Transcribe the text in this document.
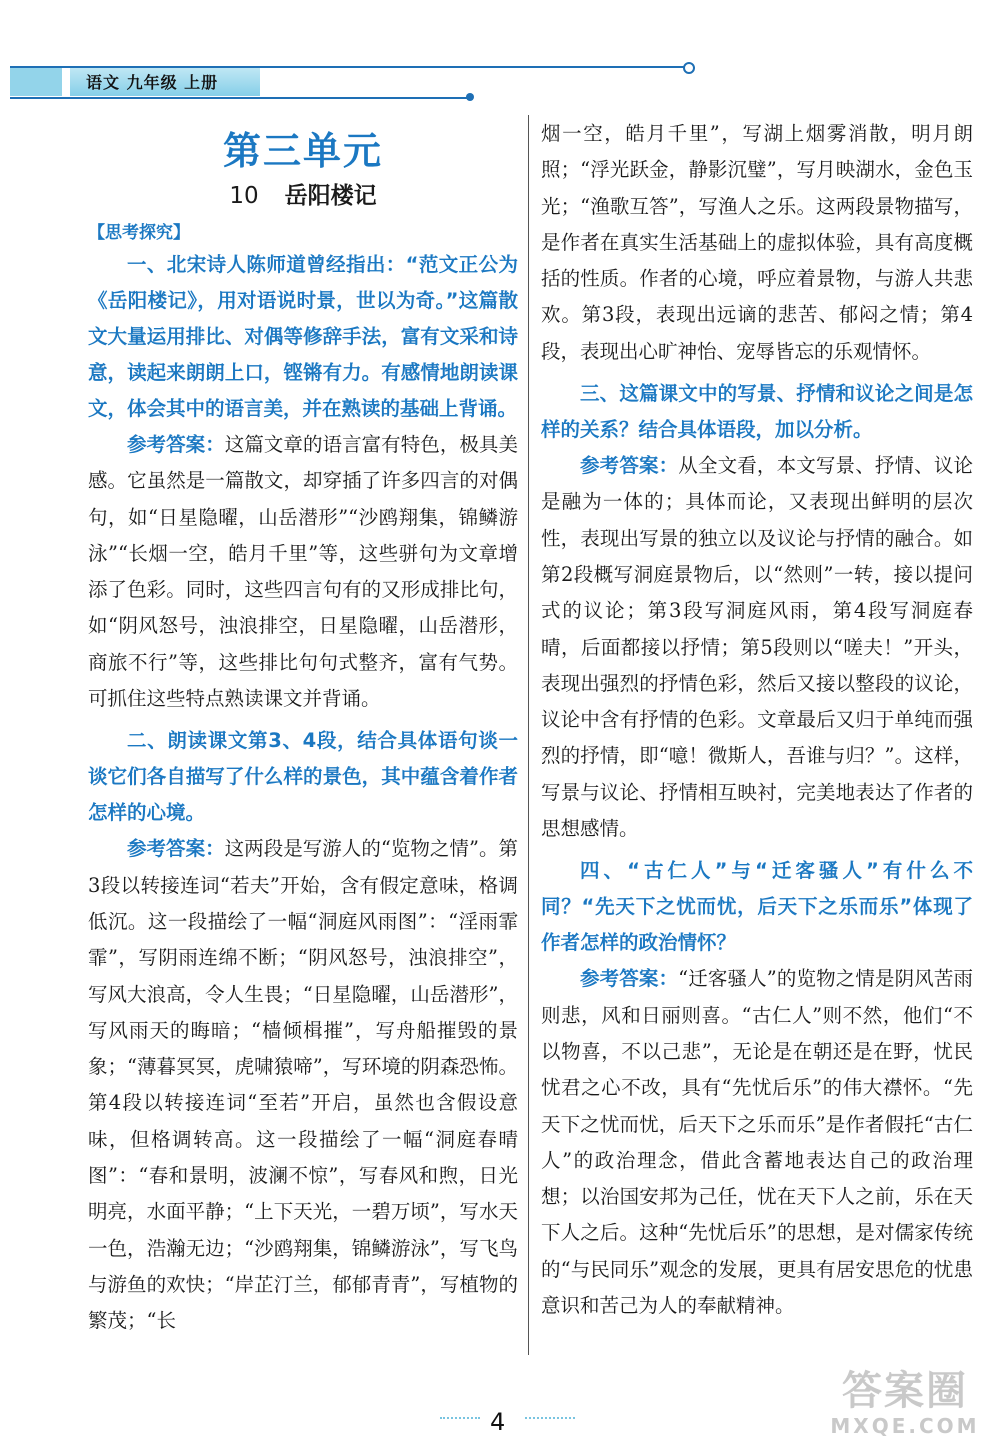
语文 九年级 上册
第三单元
10 岳阳楼记
【思考探究】

一、北宋诗人陈师道曾经指出：“范文正公为《岳阳楼记》，用对语说时景，世以为奇。”这篇散文大量运用排比、对偶等修辞手法，富有文采和诗意，读起来朗朗上口，铿锵有力。有感情地朗读课文，体会其中的语言美，并在熟读的基础上背诵。

参考答案：这篇文章的语言富有特色，极具美感。它虽然是一篇散文，却穿插了许多四言的对偶句，如“日星隐曜，山岳潜形”“沙鸥翔集，锦鳞游泳”“长烟一空，皓月千里”等，这些骈句为文章增添了色彩。同时，这些四言句有的又形成排比句，如“阴风怒号，浊浪排空，日星隐曜，山岳潜形，商旅不行”等，这些排比句句式整齐，富有气势。可抓住这些特点熟读课文并背诵。

二、朗读课文第3、4段，结合具体语句谈一谈它们各自描写了什么样的景色，其中蕴含着作者怎样的心境。

参考答案：这两段是写游人的“览物之情”。第3段以转接连词“若夫”开始，含有假定意味，格调低沉。这一段描绘了一幅“洞庭风雨图”：“淫雨霏霏”，写阴雨连绵不断；“阴风怒号，浊浪排空”，写风大浪高，令人生畏；“日星隐曜，山岳潜形”，写风雨天的晦暗；“樯倾楫摧”，写舟船摧毁的景象；“薄暮冥冥，虎啸猿啼”，写环境的阴森恐怖。第4段以转接连词“至若”开启，虽然也含假设意味，但格调转高。这一段描绘了一幅“洞庭春晴图”：“春和景明，波澜不惊”，写春风和煦，日光明亮，水面平静；“上下天光，一碧万顷”，写水天一色，浩瀚无边；“沙鸥翔集，锦鳞游泳”，写飞鸟与游鱼的欢快；“岸芷汀兰，郁郁青青”，写植物的繁茂；“长

烟一空，皓月千里”，写湖上烟雾消散，明月朗照；“浮光跃金，静影沉璧”，写月映湖水，金色玉光；“渔歌互答”，写渔人之乐。这两段景物描写，是作者在真实生活基础上的虚拟体验，具有高度概括的性质。作者的心境，呼应着景物，与游人共悲欢。第3段，表现出远谪的悲苦、郁闷之情；第4段，表现出心旷神怡、宠辱皆忘的乐观情怀。

三、这篇课文中的写景、抒情和议论之间是怎样的关系？结合具体语段，加以分析。

参考答案：从全文看，本文写景、抒情、议论是融为一体的；具体而论，又表现出鲜明的层次性，表现出写景的独立以及议论与抒情的融合。如第2段概写洞庭景物后，以“然则”一转，接以提问式的议论；第3段写洞庭风雨，第4段写洞庭春晴，后面都接以抒情；第5段则以“嗟夫！”开头，表现出强烈的抒情色彩，然后又接以整段的议论，议论中含有抒情的色彩。文章最后又归于单纯而强烈的抒情，即“噫！微斯人，吾谁与归？”。这样，写景与议论、抒情相互映衬，完美地表达了作者的思想感情。

四、“古仁人”与“迁客骚人”有什么不同？“先天下之忧而忧，后天下之乐而乐”体现了作者怎样的政治情怀？

参考答案：“迁客骚人”的览物之情是阴风苦雨则悲，风和日丽则喜。“古仁人”则不然，他们“不以物喜，不以己悲”，无论是在朝还是在野，忧民忧君之心不改，具有“先忧后乐”的伟大襟怀。“先天下之忧而忧，后天下之乐而乐”是作者假托“古仁人”的政治理念，借此含蓄地表达自己的政治理想；以治国安邦为己任，忧在天下人之前，乐在天下人之后。这种“先忧后乐”的思想，是对儒家传统的“与民同乐”观念的发展，更具有居安思危的忧患意识和苦己为人的奉献精神。

4
答案圈
MXQE.COM
